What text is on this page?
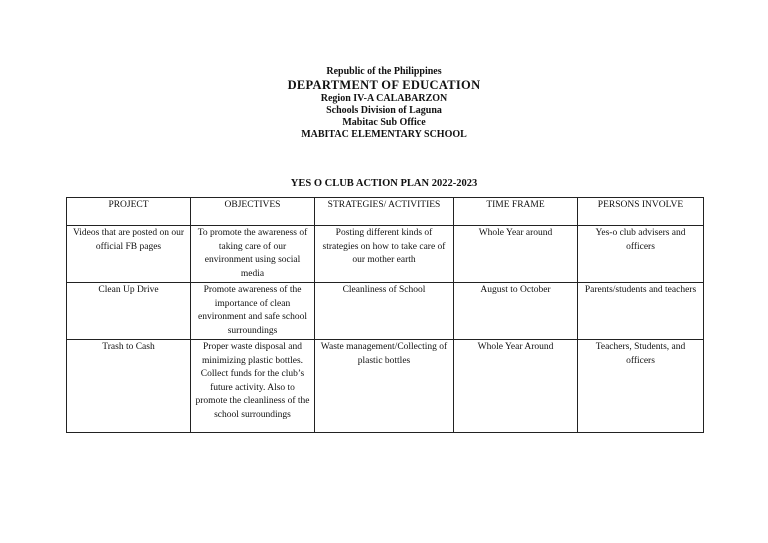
Republic of the Philippines
DEPARTMENT OF EDUCATION
Region IV-A CALABARZON
Schools Division of Laguna
Mabitac Sub Office
MABITAC ELEMENTARY SCHOOL
YES O CLUB ACTION PLAN 2022-2023
PROJECT	OBJECTIVES	STRATEGIES/ ACTIVITIES	TIME FRAME	PERSONS INVOLVE
Videos that are posted on our official FB pages	To promote the awareness of taking care of our environment using social media	Posting different kinds of strategies on how to take care of our mother earth	Whole Year around	Yes-o club advisers and officers
Clean Up Drive	Promote awareness of the importance of clean environment and safe school surroundings	Cleanliness of School	August to October	Parents/students and teachers
Trash to Cash	Proper waste disposal and minimizing plastic bottles. Collect funds for the club’s future activity. Also to promote the cleanliness of the school surroundings	Waste management/Collecting of plastic bottles	Whole Year Around	Teachers, Students, and officers
